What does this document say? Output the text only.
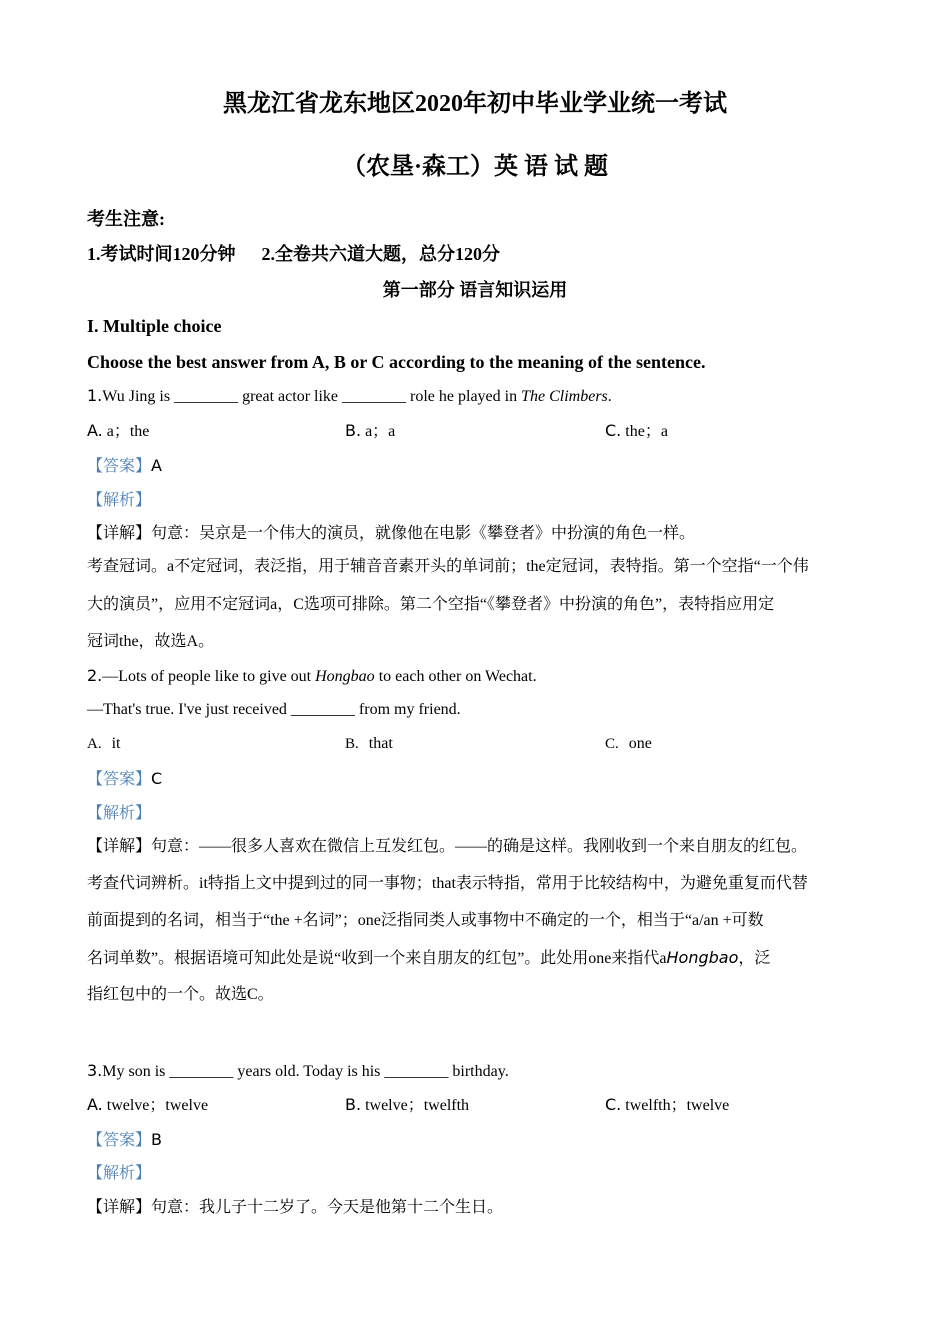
黑龙江省龙东地区2020年初中毕业学业统一考试
（农垦·森工）英 语 试 题
考生注意:
1.考试时间120分钟 2.全卷共六道大题，总分120分
第一部分 语言知识运用
I. Multiple choice
Choose the best answer from A, B or C according to the meaning of the sentence.
1.Wu Jing is ________ great actor like ________ role he played in The Climbers.
A. a；the	B. a；a	C. the；a
【答案】A
【解析】
【详解】句意：吴京是一个伟大的演员，就像他在电影《攀登者》中扮演的角色一样。
考查冠词。a不定冠词，表泛指，用于辅音音素开头的单词前；the定冠词，表特指。第一个空指“一个伟
大的演员”，应用不定冠词a，C选项可排除。第二个空指“《攀登者》中扮演的角色”，表特指应用定
冠词the，故选A。
2.—Lots of people like to give out Hongbao to each other on Wechat.
—That's true. I've just received ________ from my friend.
A. it	B. that	C. one
【答案】C
【解析】
【详解】句意：——很多人喜欢在微信上互发红包。——的确是这样。我刚收到一个来自朋友的红包。
考查代词辨析。it特指上文中提到过的同一事物；that表示特指，常用于比较结构中，为避免重复而代替
前面提到的名词，相当于“the +名词”；one泛指同类人或事物中不确定的一个，相当于“a/an +可数
名词单数”。根据语境可知此处是说“收到一个来自朋友的红包”。此处用one来指代aHongbao，泛
指红包中的一个。故选C。
3.My son is ________ years old. Today is his ________ birthday.
A. twelve；twelve	B. twelve；twelfth	C. twelfth；twelve
【答案】B
【解析】
【详解】句意：我儿子十二岁了。今天是他第十二个生日。
